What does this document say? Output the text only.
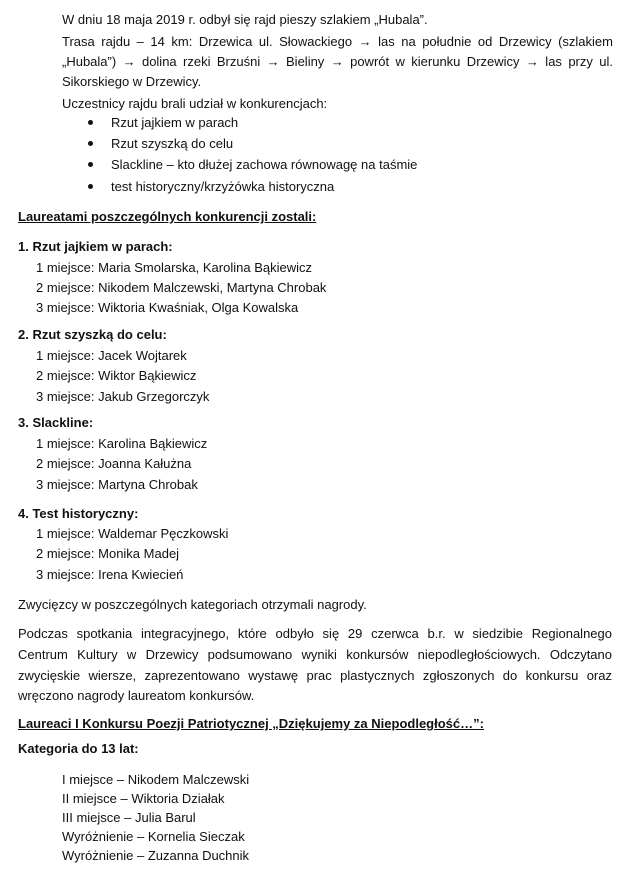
W dniu 18 maja 2019 r. odbył się rajd pieszy szlakiem „Hubala”.
Trasa rajdu – 14 km: Drzewica ul. Słowackiego → las na południe od Drzewicy (szlakiem
„Hubala”) → dolina rzeki Brzuśni → Bieliny → powrót w kierunku Drzewicy → las przy ul.
Sikorskiego w Drzewicy.
Uczestnicy rajdu brali udział w konkurencjach:
Rzut jajkiem w parach
Rzut szyszką do celu
Slackline – kto dłużej zachowa równowagę na taśmie
test historyczny/krzyżówka historyczna
Laureatami poszczególnych konkurencji zostali:
1. Rzut jajkiem w parach:
1 miejsce: Maria Smolarska, Karolina Bąkiewicz
2 miejsce: Nikodem Malczewski, Martyna Chrobak
3 miejsce: Wiktoria Kwaśniak, Olga Kowalska
2. Rzut szyszką do celu:
1 miejsce: Jacek Wojtarek
2 miejsce: Wiktor Bąkiewicz
3 miejsce: Jakub Grzegorczyk
3. Slackline:
1 miejsce: Karolina Bąkiewicz
2 miejsce: Joanna Kałużna
3 miejsce: Martyna Chrobak
4. Test historyczny:
1 miejsce: Waldemar Pęczkowski
2 miejsce: Monika Madej
3 miejsce: Irena Kwiecień
Zwycięzcy w poszczególnych kategoriach otrzymali nagrody.
Podczas spotkania integracyjnego, które odbyło się 29 czerwca b.r. w siedzibie Regionalnego
Centrum Kultury w Drzewicy podsumowano wyniki konkursów niepodległościowych. Odczytano
zwycięskie wiersze, zaprezentowano wystawę prac plastycznych zgłoszonych do konkursu oraz
wręczono nagrody laureatom konkursów.
Laureaci I Konkursu Poezji Patriotycznej „Dziękujemy za Niepodległość…”:
Kategoria do 13 lat:
I miejsce – Nikodem Malczewski
II miejsce – Wiktoria Działak
III miejsce – Julia Barul
Wyróżnienie – Kornelia Sieczak
Wyróżnienie – Zuzanna Duchnik
